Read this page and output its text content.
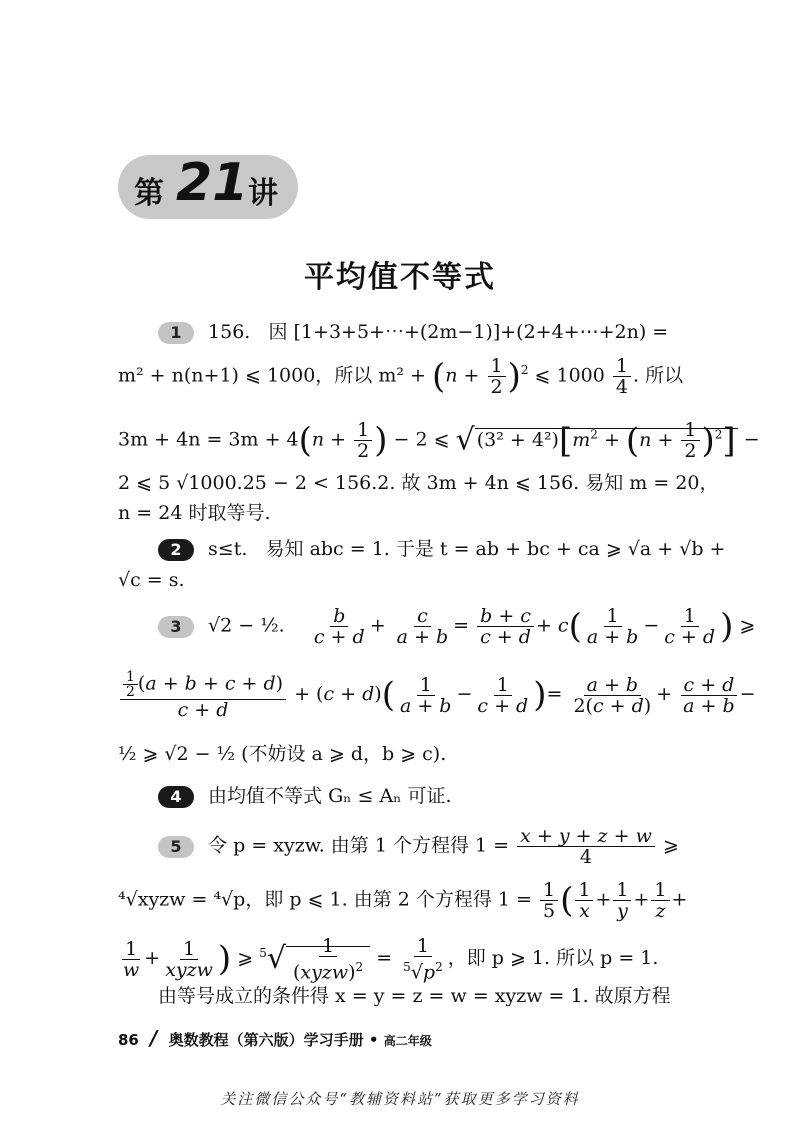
第 21 讲
平均值不等式
1 156. 因 [1+3+5+⋯+(2m−1)]+(2+4+⋯+2n) =
m² + n(n+1) ⩽ 1000，所以 $m^2 + (n + \frac{1}{2} )^2$ ⩽ $1000 \frac{1}{4}$ . 所以
$3m + 4n = 3m + 4(n + \frac{1}{2}$ ) − 2 ⩽ √ $(3^2 + 4^2)[m^2 + (n + \frac{1}{2} )^2]$ −
2 ⩽ 5 √1000.25 − 2 < 156.2. 故 3m + 4n ⩽ 156. 易知 m = 20，
n = 24 时取等号.
2 s≤t. 易知 abc = 1. 于是 t = ab + bc + ca ⩾ √a + √b +
√c = s.
3 √2 − ½. $\frac{b}{c + d} + \frac{c}{a + b} = \frac{b + c}{c + d} + c( \frac{1}{a + b} - \frac{1}{c + d}$ ) ⩾
$\frac{\frac{1}{2} (a + b + c + d)}{c + d} + (c + d)( \frac{1}{a + b} - \frac{1}{c + d}$ )= $\frac{a + b}{2(c + d)} + \frac{c + d}{a + b}$ −
½ ⩾ √2 − ½ (不妨设 a ⩾ d，b ⩾ c).
4 由均值不等式 Gₙ ≤ Aₙ 可证.
5 令 p = xyzw. 由第 1 个方程得 $1 = \frac{x + y + z + w}{4}$ ⩾
⁴√xyzw = ⁴√p，即 p ⩽ 1. 由第 2 个方程得 $1 = \frac{1}{5}$ ( $\frac{1}{x} + \frac{1}{y} + \frac{1}{z}$ +
$\frac{1}{w} + 1$
xyzw ) ⩾ $^5$√ 1
(xyzw)$^2$ = $\frac{1}{^5√p^2}$ ，即 p ⩾ 1. 所以 p = 1.
由等号成立的条件得 x = y = z = w = xyzw = 1. 故原方程
86 / 奥数教程（第六版）学习手册 • 高二年级
关注微信公众号“教辅资料站”获取更多学习资料
